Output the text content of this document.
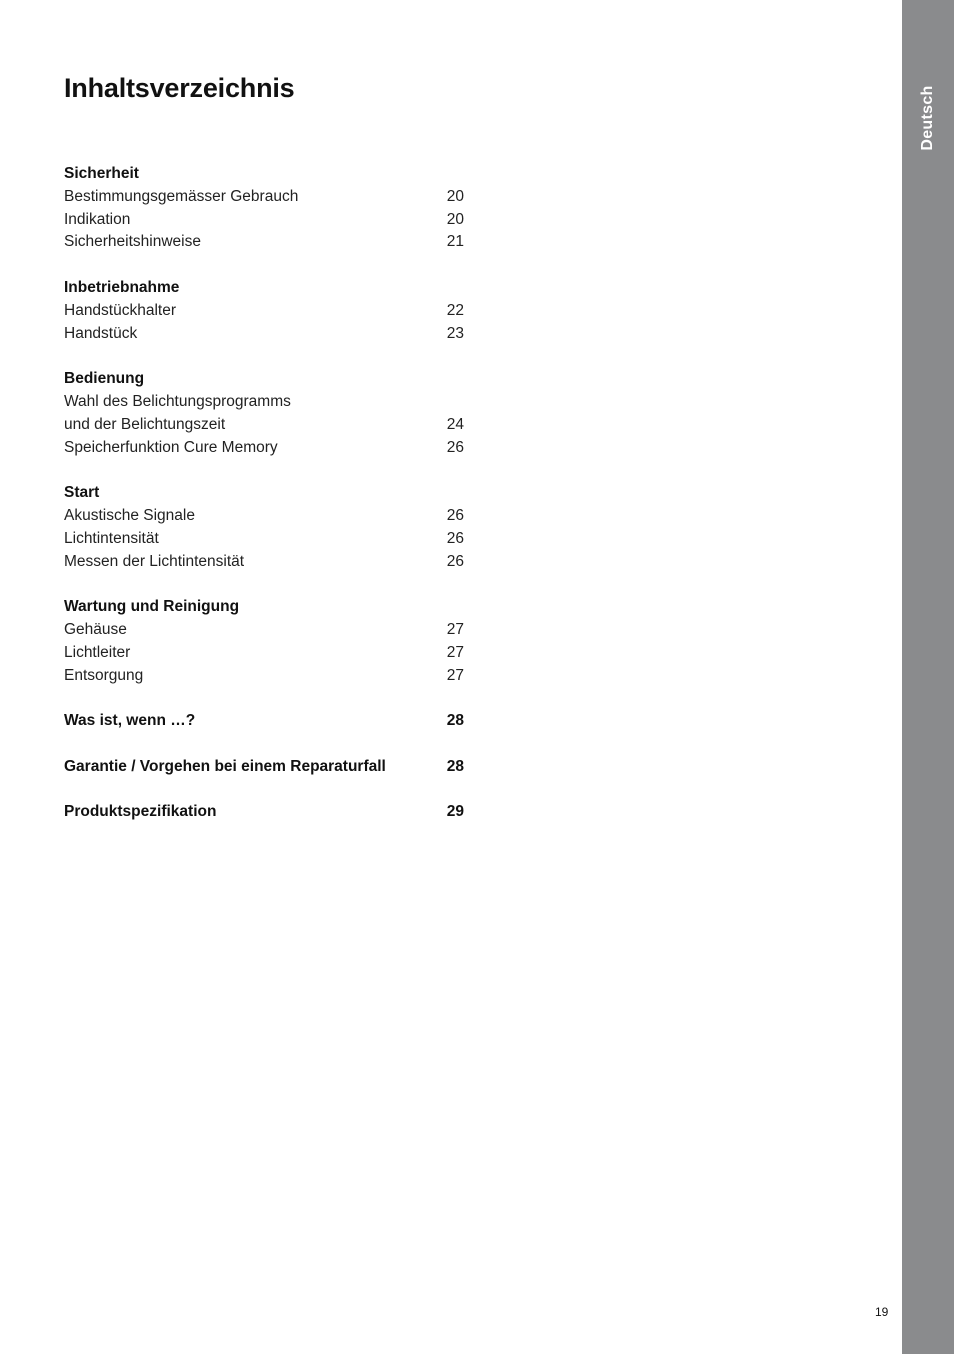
Inhaltsverzeichnis
Sicherheit
Bestimmungsgemässer Gebrauch	20
Indikation	20
Sicherheitshinweise	21
Inbetriebnahme
Handstückhalter	22
Handstück	23
Bedienung
Wahl des Belichtungsprogramms
und der Belichtungszeit	24
Speicherfunktion Cure Memory	26
Start
Akustische Signale	26
Lichtintensität	26
Messen der Lichtintensität	26
Wartung und Reinigung
Gehäuse	27
Lichtleiter	27
Entsorgung	27
Was ist, wenn …?	28
Garantie / Vorgehen bei einem Reparaturfall	28
Produktspezifikation	29
Deutsch
19
